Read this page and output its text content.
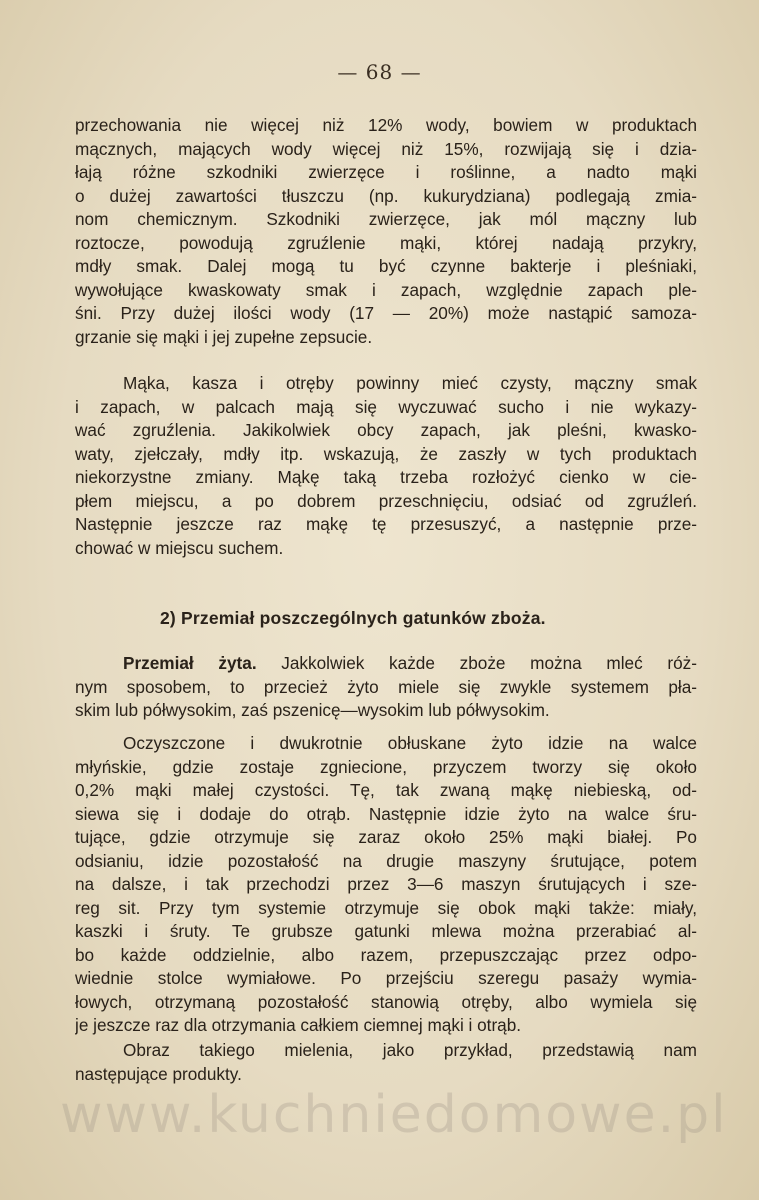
— 68 —
przechowania nie więcej niż 12% wody, bowiem w produktach
mącznych, mających wody więcej niż 15%, rozwijają się i dzia-
łają różne szkodniki zwierzęce i roślinne, a nadto mąki
o dużej zawartości tłuszczu (np. kukurydziana) podlegają zmia-
nom chemicznym. Szkodniki zwierzęce, jak mól mączny lub
roztocze, powodują zgruźlenie mąki, której nadają przykry,
mdły smak. Dalej mogą tu być czynne bakterje i pleśniaki,
wywołujące kwaskowaty smak i zapach, względnie zapach ple-
śni. Przy dużej ilości wody (17 — 20%) może nastąpić samoza-
grzanie się mąki i jej zupełne zepsucie.
Mąka, kasza i otręby powinny mieć czysty, mączny smak
i zapach, w palcach mają się wyczuwać sucho i nie wykazy-
wać zgruźlenia. Jakikolwiek obcy zapach, jak pleśni, kwasko-
waty, zjełczały, mdły itp. wskazują, że zaszły w tych produktach
niekorzystne zmiany. Mąkę taką trzeba rozłożyć cienko w cie-
płem miejscu, a po dobrem przeschnięciu, odsiać od zgruźleń.
Następnie jeszcze raz mąkę tę przesuszyć, a następnie prze-
chować w miejscu suchem.
2) Przemiał poszczególnych gatunków zboża.
Przemiał żyta. Jakkolwiek każde zboże można mleć róż-
nym sposobem, to przecież żyto miele się zwykle systemem pła-
skim lub półwysokim, zaś pszenicę—wysokim lub półwysokim.
Oczyszczone i dwukrotnie obłuskane żyto idzie na walce
młyńskie, gdzie zostaje zgniecione, przyczem tworzy się około
0,2% mąki małej czystości. Tę, tak zwaną mąkę niebieską, od-
siewa się i dodaje do otrąb. Następnie idzie żyto na walce śru-
tujące, gdzie otrzymuje się zaraz około 25% mąki białej. Po
odsianiu, idzie pozostałość na drugie maszyny śrutujące, potem
na dalsze, i tak przechodzi przez 3—6 maszyn śrutujących i sze-
reg sit. Przy tym systemie otrzymuje się obok mąki także: miały,
kaszki i śruty. Te grubsze gatunki mlewa można przerabiać al-
bo każde oddzielnie, albo razem, przepuszczając przez odpo-
wiednie stolce wymiałowe. Po przejściu szeregu pasaży wymia-
łowych, otrzymaną pozostałość stanowią otręby, albo wymiela się
je jeszcze raz dla otrzymania całkiem ciemnej mąki i otrąb.
Obraz takiego mielenia, jako przykład, przedstawią nam
następujące produkty.
www.kuchniedomowe.pl
